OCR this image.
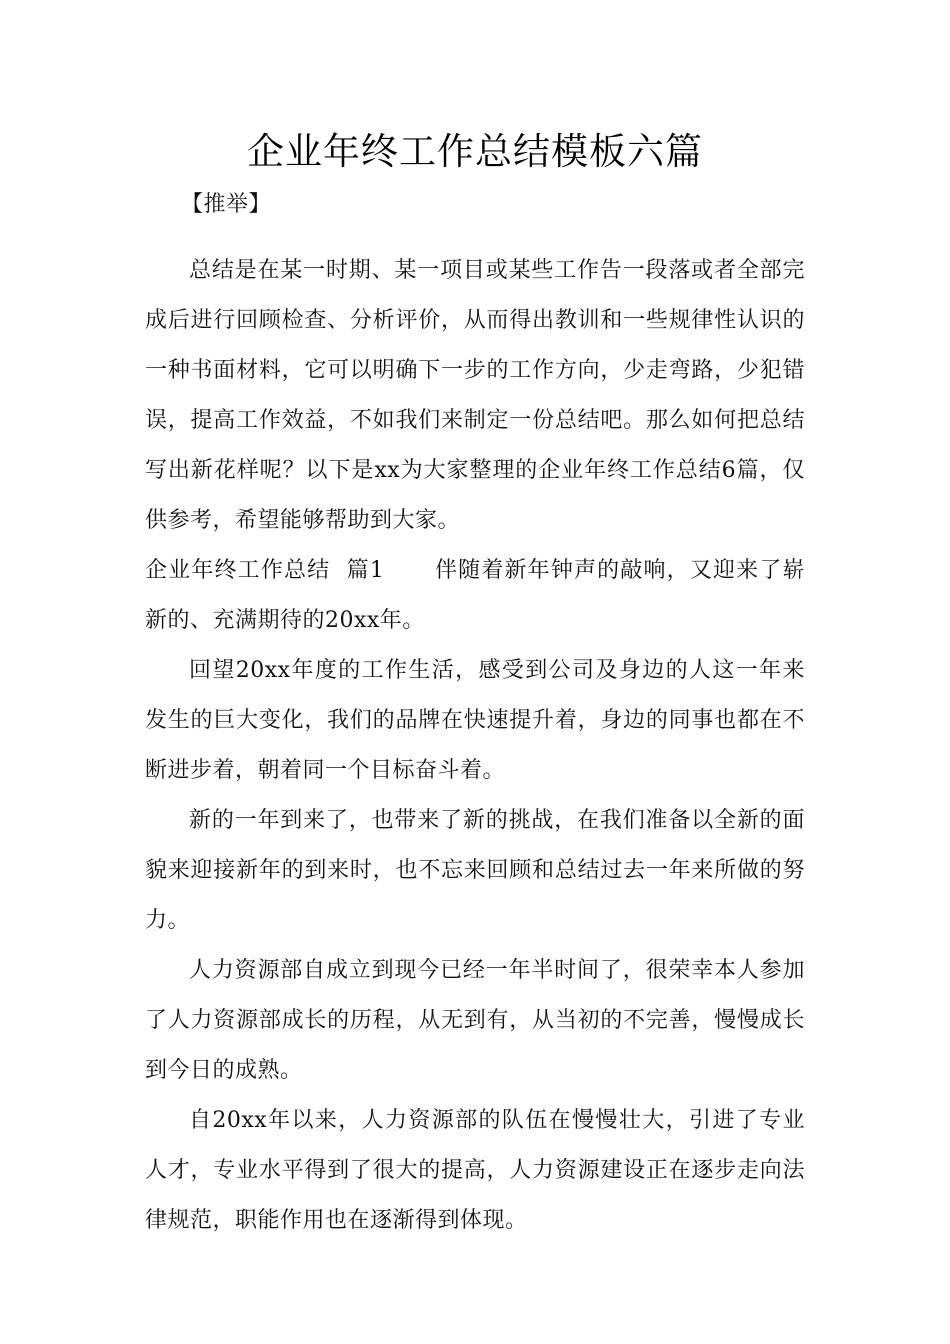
企业年终工作总结模板六篇

【推举】

总结是在某一时期、某一项目或某些工作告一段落或者全部完成后进行回顾检查、分析评价，从而得出教训和一些规律性认识的一种书面材料，它可以明确下一步的工作方向，少走弯路，少犯错误，提高工作效益，不如我们来制定一份总结吧。那么如何把总结写出新花样呢？以下是xx为大家整理的企业年终工作总结6篇，仅供参考，希望能够帮助到大家。

企业年终工作总结  篇1 伴随着新年钟声的敲响，又迎来了崭新的、充满期待的20xx年。

回望20xx年度的工作生活，感受到公司及身边的人这一年来发生的巨大变化，我们的品牌在快速提升着，身边的同事也都在不断进步着，朝着同一个目标奋斗着。

新的一年到来了，也带来了新的挑战，在我们准备以全新的面貌来迎接新年的到来时，也不忘来回顾和总结过去一年来所做的努力。

人力资源部自成立到现今已经一年半时间了，很荣幸本人参加了人力资源部成长的历程，从无到有，从当初的不完善，慢慢成长到今日的成熟。

自20xx年以来，人力资源部的队伍在慢慢壮大，引进了专业人才，专业水平得到了很大的提高，人力资源建设正在逐步走向法律规范，职能作用也在逐渐得到体现。
